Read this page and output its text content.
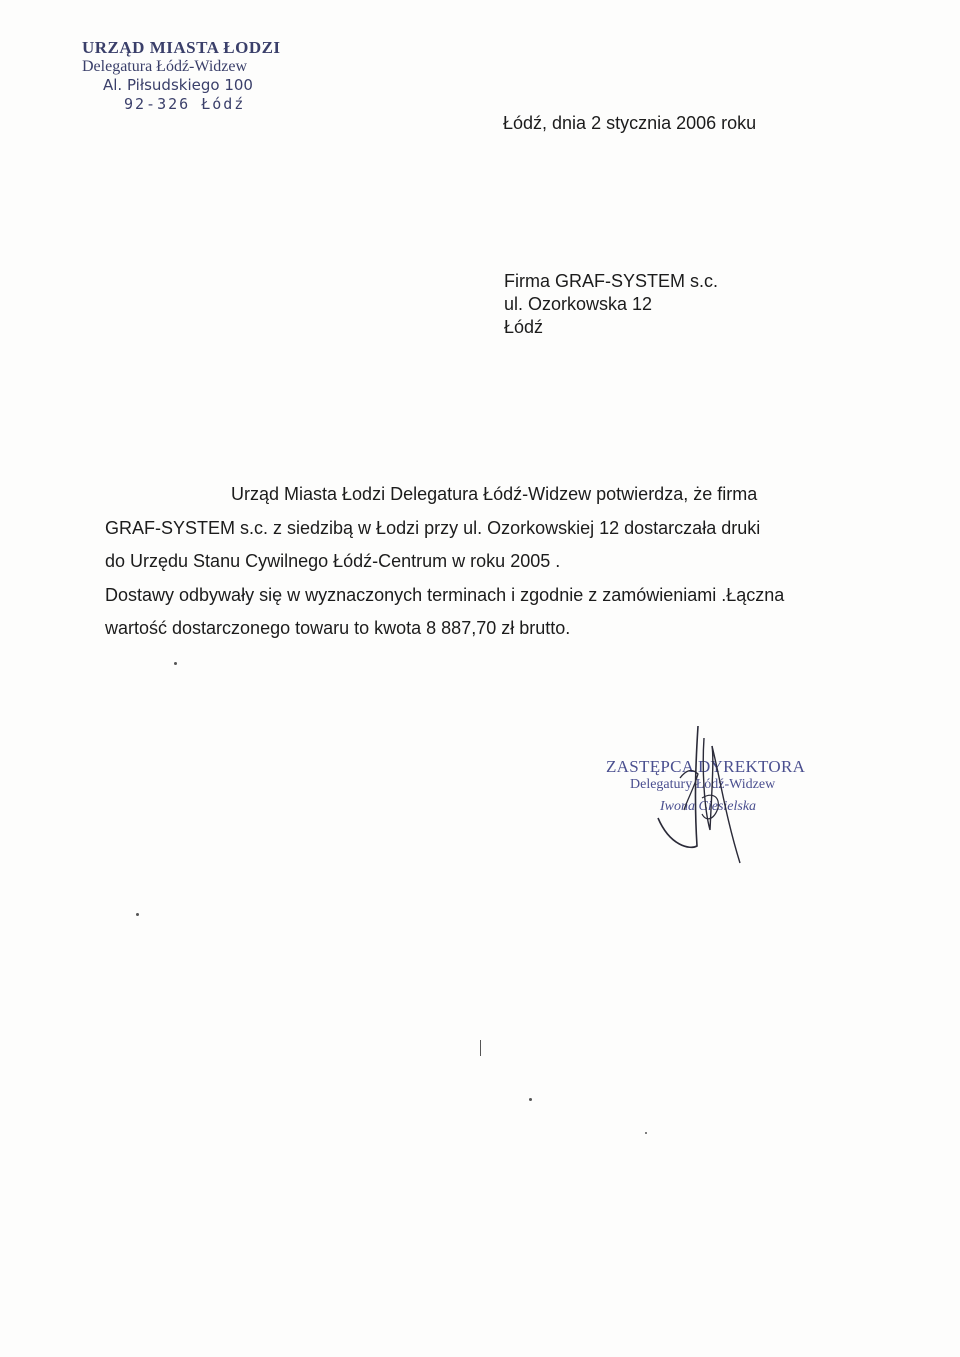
URZĄD MIASTA ŁODZI
Delegatura Łódź-Widzew
Al. Piłsudskiego 100
92-326 Łódź
Łódź, dnia 2 stycznia 2006 roku
Firma GRAF-SYSTEM s.c.
ul. Ozorkowska 12
Łódź
Urząd Miasta Łodzi Delegatura Łódź-Widzew potwierdza, że firma
GRAF-SYSTEM s.c. z siedzibą w Łodzi przy ul. Ozorkowskiej 12 dostarczała druki
do Urzędu Stanu Cywilnego Łódź-Centrum w roku 2005 .
Dostawy odbywały się w wyznaczonych terminach i zgodnie z zamówieniami .Łączna
wartość dostarczonego towaru to kwota 8 887,70 zł brutto.
ZASTĘPCA DYREKTORA
Delegatury Łódź-Widzew
Iwona Ciesielska
